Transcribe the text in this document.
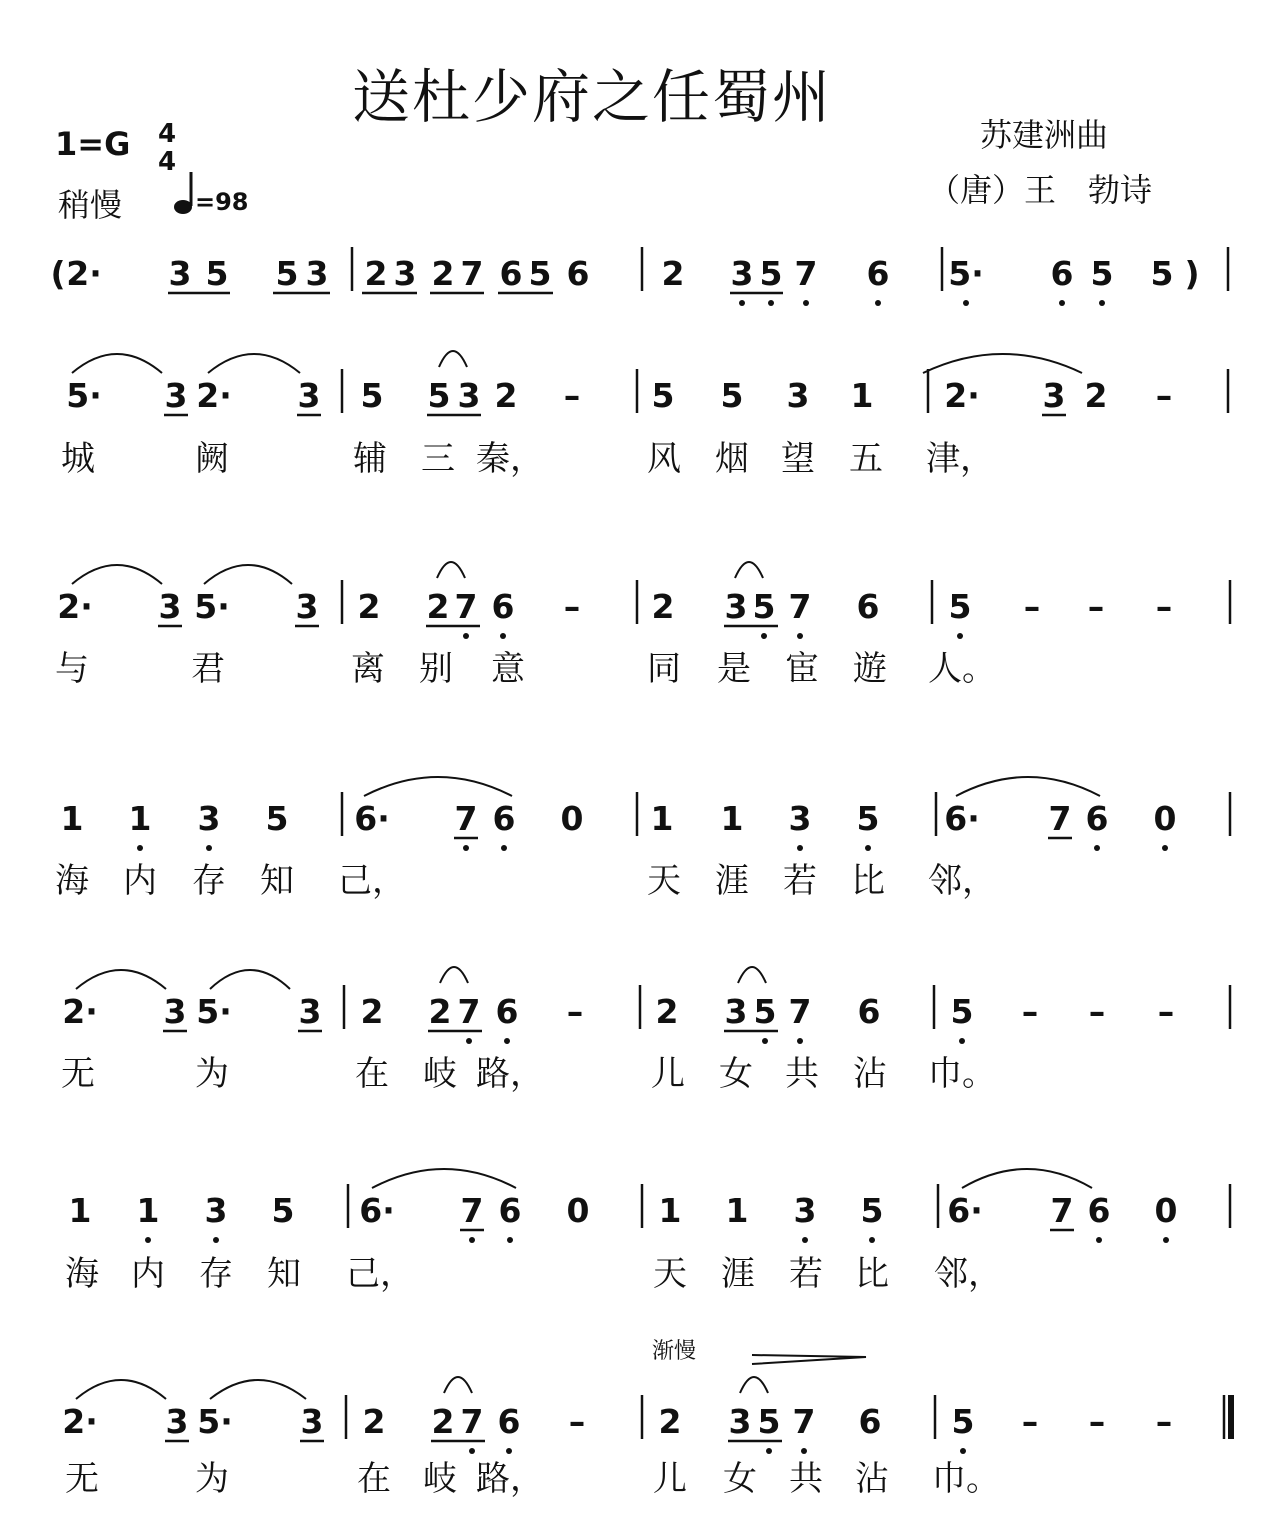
送杜少府之任蜀州
1=G 4
4
稍慢	=98
苏建洲曲
（唐）王　勃诗
2· 3 5 5 3 2 3 2 7 6 5 6 2 3 5 7 6 5· 6 5 5
(	)
5· 3 2· 3 5 5 3 2 – 5 5 3 1 2· 3 2 –
城	阙	辅 三 秦，	风 烟 望 五 津，
2· 3 5· 3 2 2 7 6 – 2 3 5 7 6 5 – – –
与	君	离 别 意	同 是 宦 遊 人。
1 1 3 5 6· 7 6 0 1 1 3 5 6· 7 6 0
海 内 存 知 己，	天 涯 若 比 邻，
2· 3 5· 3 2 2 7 6 – 2 3 5 7 6 5 – – –
无	为	在 岐 路，	儿 女 共 沾 巾。
1 1 3 5 6· 7 6 0 1 1 3 5 6· 7 6 0
海 内 存 知 己，	天 涯 若 比 邻，
2· 3 5· 3 2 2 7 6 – 2 3 5 7 6 5 – – –
无	为	在 岐 路，	儿 女 共 沾 巾。
渐慢
